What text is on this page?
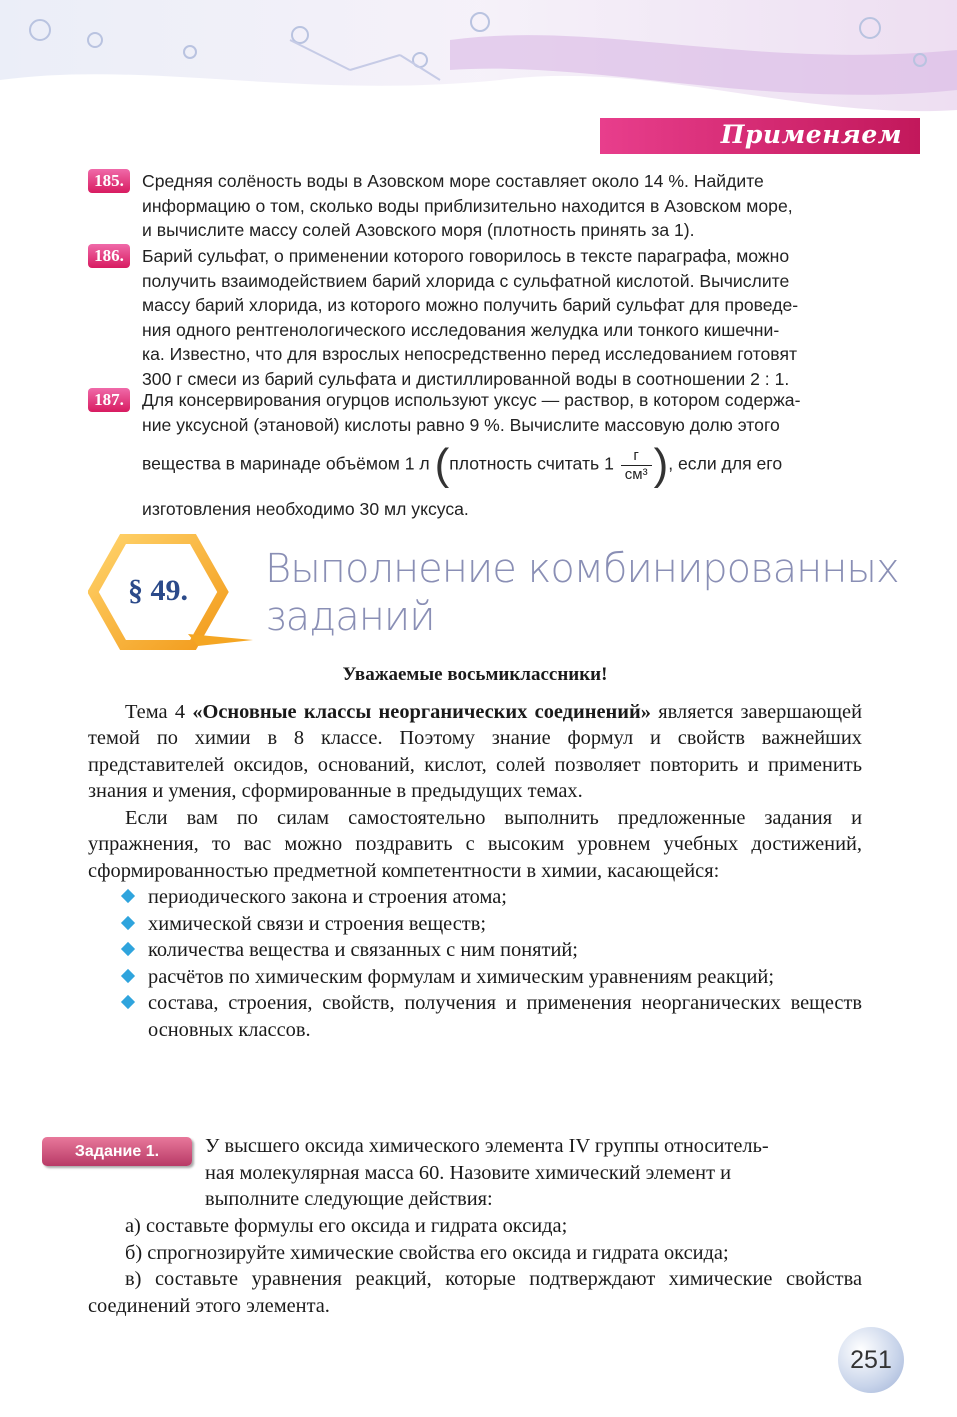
Применяем
185.	Средняя солёность воды в Азовском море составляет около 14 %. Найдите
информацию о том, сколько воды приблизительно находится в Азовском море,
и вычислите массу солей Азовского моря (плотность принять за 1).
186.	Барий сульфат, о применении которого говорилось в тексте параграфа, можно
получить взаимодействием барий хлорида с сульфатной кислотой. Вычислите
массу барий хлорида, из которого можно получить барий сульфат для проведе-
ния одного рентгенологического исследования желудка или тонкого кишечни-
ка. Известно, что для взрослых непосредственно перед исследованием готовят
300 г смеси из барий сульфата и дистиллированной воды в соотношении 2 : 1.
187.	Для консервирования огурцов используют уксус — раствор, в котором содержа-
ние уксусной (этановой) кислоты равно 9 %. Вычислите массовую долю этого
вещества в маринаде объёмом 1 л (плотность считать $1 \frac{г}{\text{см³}}$ ), если для его
изготовления необходимо 30 мл уксуса.
§ 49.	Выполнение комбинированных
заданий
Уважаемые восьмиклассники!

Тема 4 «Основные классы неорганических соединений» является завершающей темой по химии в 8 классе. Поэтому знание формул и свойств важнейших представителей оксидов, оснований, кислот, солей позволяет повторить и применить знания и умения, сформированные в предыдущих темах.

Если вам по силам самостоятельно выполнить предложенные задания и упражнения, то вас можно поздравить с высоким уровнем учебных достижений, сформированностью предметной компетентности в химии, касающейся:

периодического закона и строения атома;
химической связи и строения веществ;
количества вещества и связанных с ним понятий;
расчётов по химическим формулам и химическим уравнениям реакций;
состава, строения, свойств, получения и применения неорганических веществ основных классов.
Задание 1.	У высшего оксида химического элемента IV группы относитель-
ная молекулярная масса 60. Назовите химический элемент и
выполните следующие действия:

а) составьте формулы его оксида и гидрата оксида;

б) спрогнозируйте химические свойства его оксида и гидрата оксида;

в) составьте уравнения реакций, которые подтверждают химические свойства соединений этого элемента.

251
